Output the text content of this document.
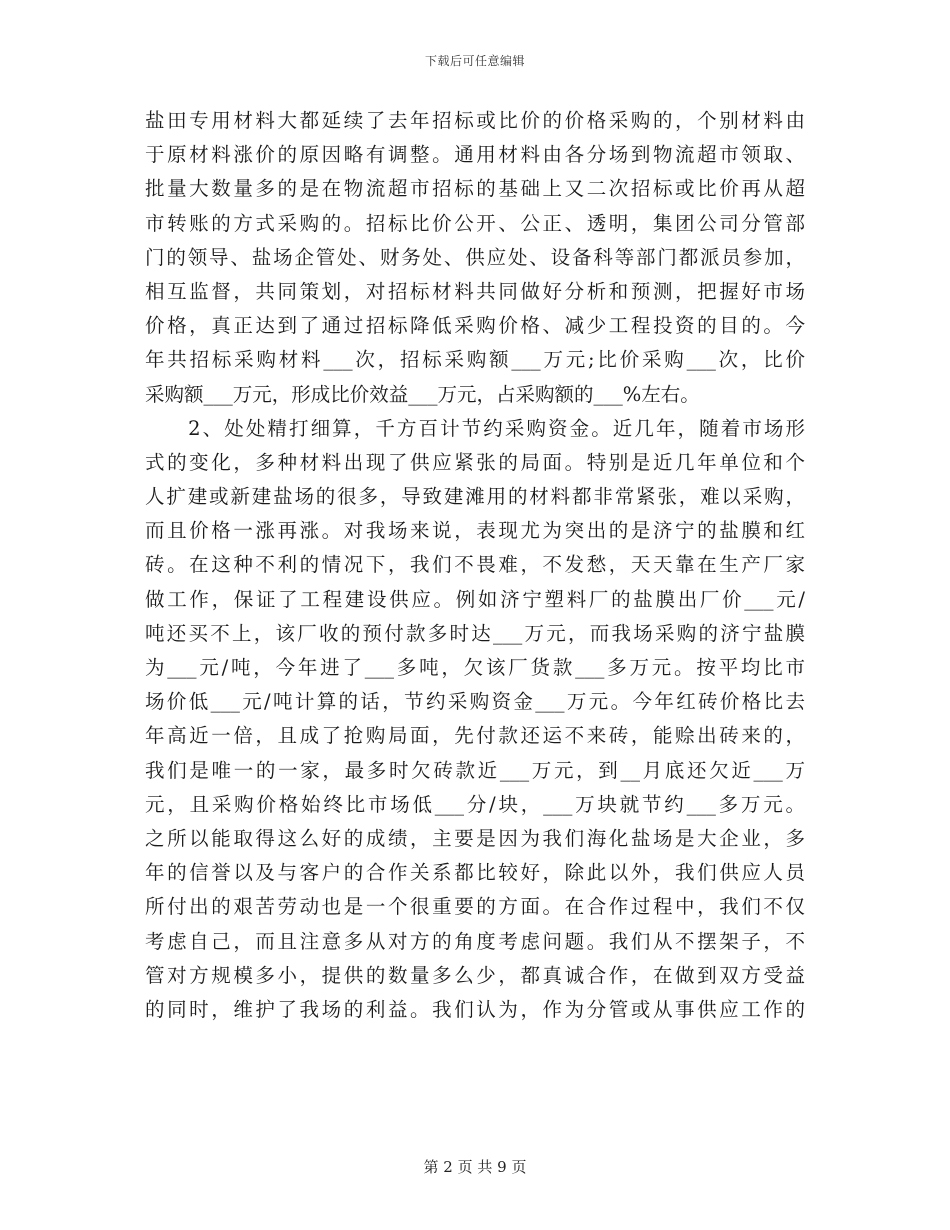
下载后可任意编辑
盐田专用材料大都延续了去年招标或比价的价格采购的，个别材料由
于原材料涨价的原因略有调整。通用材料由各分场到物流超市领取、
批量大数量多的是在物流超市招标的基础上又二次招标或比价再从超
市转账的方式采购的。招标比价公开、公正、透明，集团公司分管部
门的领导、盐场企管处、财务处、供应处、设备科等部门都派员参加，
相互监督，共同策划，对招标材料共同做好分析和预测，把握好市场
价格，真正达到了通过招标降低采购价格、减少工程投资的目的。今
年共招标采购材料___次，招标采购额___万元;比价采购___次，比价
采购额___万元，形成比价效益___万元，占采购额的___%左右。
　　2、处处精打细算，千方百计节约采购资金。近几年，随着市场形
式的变化，多种材料出现了供应紧张的局面。特别是近几年单位和个
人扩建或新建盐场的很多，导致建滩用的材料都非常紧张，难以采购，
而且价格一涨再涨。对我场来说，表现尤为突出的是济宁的盐膜和红
砖。在这种不利的情况下，我们不畏难，不发愁，天天靠在生产厂家
做工作，保证了工程建设供应。例如济宁塑料厂的盐膜出厂价___元/
吨还买不上，该厂收的预付款多时达___万元，而我场采购的济宁盐膜
为___元/吨，今年进了___多吨，欠该厂货款___多万元。按平均比市
场价低___元/吨计算的话，节约采购资金___万元。今年红砖价格比去
年高近一倍，且成了抢购局面，先付款还运不来砖，能赊出砖来的，
我们是唯一的一家，最多时欠砖款近___万元，到__月底还欠近___万
元，且采购价格始终比市场低___分/块，___万块就节约___多万元。
之所以能取得这么好的成绩，主要是因为我们海化盐场是大企业，多
年的信誉以及与客户的合作关系都比较好，除此以外，我们供应人员
所付出的艰苦劳动也是一个很重要的方面。在合作过程中，我们不仅
考虑自己，而且注意多从对方的角度考虑问题。我们从不摆架子，不
管对方规模多小，提供的数量多么少，都真诚合作，在做到双方受益
的同时，维护了我场的利益。我们认为，作为分管或从事供应工作的
第 2 页 共 9 页
